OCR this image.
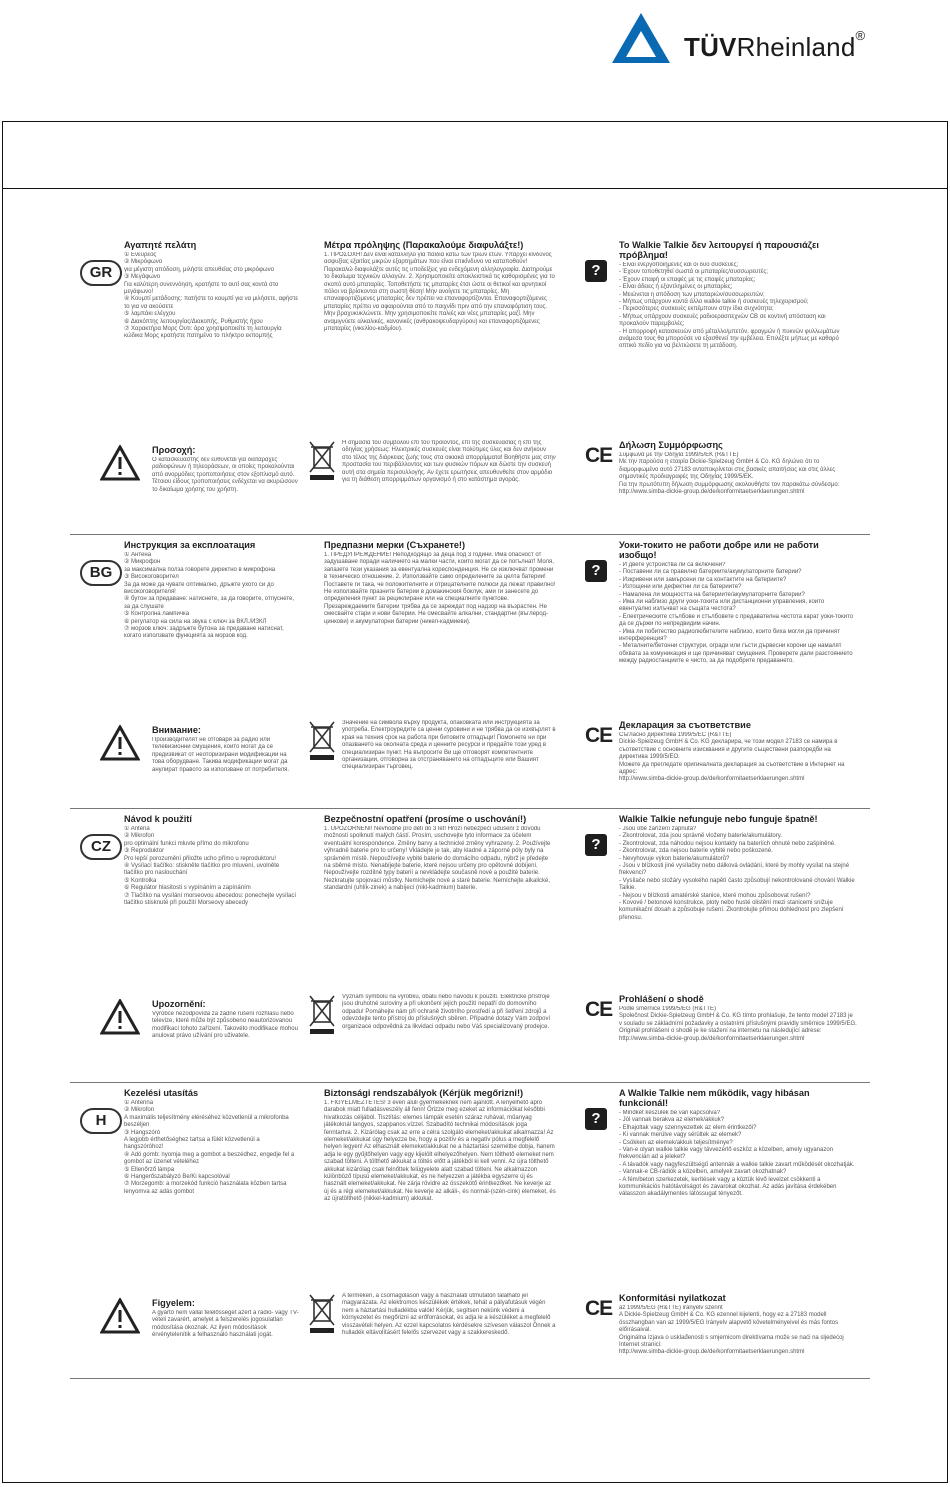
TÜVRheinland®
GR
Αγαπητέ πελάτη
① Ενεύρεος
② Μικρόφωνο
για μέγιστη απόδοση, μιλήστε απευθείας στο μικρόφωνο
③ Μεγάφωνο
Για καλύτερη συνεννόηση, κρατήστε το αυτί σας κοντά στο μεγάφωνο!
④ Κουμπί μετάδοσης: πατήστε το κουμπί για να μιλήσετε, αφήστε το για να ακούσετε
⑤ λαμπάκι ελέγχου
⑥ Διακόπτης λειτουργίας/Διακοπής, Ρυθμιστής ήχου
⑦ Χαρακτήρα Μορς Ουτι: άρα χρησιμοποιείτε τη λειτουργία κώδικα Μορς κρατήστε πατημένο το πλήκτρο εκπομπής
Μέτρα πρόληψης (Παρακαλούμε διαφυλάξτε!)
1. ΠΡΟΣΟΧΗ! Δεν είναι κατάλληλο για παιδιά κάτω των τριών ετών. Υπάρχει κίνδυνος ασφυξίας εξαιτίας μικρών εξαρτημάτων που είναι επικίνδυνο να καταποθούν! Παρακαλώ διαφυλάξτε αυτές τις υποδείξεις για ενδεχόμενη αλληλογραφία. Διατηρούμε το δικαίωμα τεχνικών αλλαγών. 2. Χρησιμοποιείτε αποκλειστικά τις καθορισμένες για το σκοπό αυτό μπαταρίες. Τοποθετήστε τις μπαταρίες έτσι ώστε οι θετικοί και αρνητικοί πόλοι να βρίσκονται στη σωστή θέση! Μην ανοίγετε τις μπαταρίες. Μη επαναφορτιζόμενες μπαταρίες δεν πρέπει να επαναφορτίζονται. Επαναφορτιζόμενες μπαταρίες πρέπει να αφαιρούνται από το παιχνίδι πριν από την επαναφόρτιση τους. Μην βραχυκυκλώνετε. Μην χρησιμοποιείτε παλιές και νέες μπαταρίες μαζί. Μην αναμιγνύετε αλκαλικές, κανονικές (ανθρακοψευδαργύρου) και επαναφορτιζόμενες μπαταρίες (νικελίου-καδμίου).
?
Το Walkie Talkie δεν λειτουργεί ή παρουσιάζει πρόβλημα!
- Είναι ενεργοποιημένες και οι δύο συσκευές;
- Έχουν τοποθετηθεί σωστά οι μπαταρίες/συσσωρευτές;
- Έχουν επαφή οι επαφές με τις επαφές μπαταρίας;
- Είναι άδειες ή εξαντλημένες οι μπαταρίες;
- Μειώνεται η απόδοση των μπαταριών/συσσωρευτών;
- Μήπως υπάρχουν κοντά άλλο walkie talkie ή συσκευές τηλεχειρισμού;
- Περισσότερες συσκευές εκπέμπουν στην ίδια συχνότητα;
- Μήπως υπάρχουν συσκευές ραδιοερασιτεχνών CB σε κοντινή απόσταση και προκαλούν παρεμβολές;
- Η απορροφή κατασκευών από μέταλλο/μπετόν, φραγμών ή πυκνών φυλλωμάτων ανάμεσα τους θα μπορούσε να εξασθενεί την εμβέλεια. Επιλέξτε μήπως με καθαρό οπτικό πεδίο για να βελτιώσετε τη μετάδοση.
Προσοχή:
Ο κατασκευαστής δεν ευθύνεται για διαταραχές ραδιοφώνων ή τηλεοράσεων, οι οποίες προκαλούνται από ανορμόδιες τροποποιήσεις στον εξοπλισμό αυτό. Τέτοιου είδους τροποποιήσεις ενδέχεται να ακυρώσουν το δικαίωμα χρήσης του χρήστη.
Η σημασία του συμβόλου επί του προϊόντος, επί της συσκευασίας ή επί της οδηγίας χρήσεως: Ηλεκτρικές συσκευές είναι πολύτιμες ύλες και δεν ανήκουν στο τέλος της διάρκειας ζωής τους στα οικιακά απορρίμματα! Βοηθήστε μας στην προστασία του περιβάλλοντος και των φυσικών πόρων και δώστε την συσκευή αυτή στα σημεία περισυλλογής. Αν έχετε ερωτήσεις απευθυνθείτε στον αρμόδιο για τη διάθεση απορριμμάτων οργανισμό ή στο κατάστημα αγοράς.
CE Δήλωση Συμμόρφωσης
Σύμφωνα με την Οδηγία 1999/5/ΕΚ (R&TTE)
Με την παρούσα η εταιρία Dickie-Spielzeug GmbH & Co. KG δηλώνει ότι το διαμορφωμένο αυτό 27183 ανταποκρίνεται στις βασικές απαιτήσεις και στις άλλες σημαντικές προδιαγραφές της Οδηγίας 1999/5/ΕΚ.
Για την πρωτότυπη δήλωση συμμόρφωσης ακολουθήστε τον παρακάτω σύνδεσμο:
http://www.simba-dickie-group.de/de/konformitaetserklaerungen.shtml
BG
Инструкция за експлоатация
① Антена
② Микрофон
за максимална полза говорете директно в микрофона
③ Високоговорител
За да може да чувате оптимално, дръжте ухото си до високоговорителя!
④ бутон за предаване: натиснете, за да говорите, отпуснете, за да слушате
⑤ Контролна лампичка
⑥ регулатор на сила на звука с ключ за ВКЛ./ИЗКЛ
⑦ морзов ключ: задръжте бутона за предаване натиснат, когато използвате функцията за морзов код.
Предпазни мерки (Съхранете!)
1. ПРЕДУПРЕЖДЕНИЕ! Неподходящо за деца под 3 години. Има опасност от задушаване поради наличието на малки части, които могат да се погълнат! Моля, запазете тези указания за евентуална кореспонденция. Не се изключват промени в техническо отношение. 2. Използвайте само определените за целта батерии! Поставете ги така, че положителните и отрицателните полюси да лежат правилно! Не използвайте празните батерии в домакинския боклук, ами ги занесете до определения пункт за рециклиране или на специалните пунктове. Презареждаемите батерии трябва да се зареждат под надзор на възрастен. Не смесвайте стари и нови батерии. Не смесвайте алкални, стандартни (въглерод-цинкови) и акумулаторни батерии (никел-кадмиеви).
?
Уоки-токито не работи добре или не работи изобщо!
- И двете устройства ли са включени?
- Поставени ли са правилно батериите/акумулаторните батерии?
- Изкривени или замърсени ли са контактите на батериите?
- Изтощени или дефектни ли са батериите?
- Намалена ли мощността на батериите/акумулаторните батерии?
- Има ли наблизо други уоки-токита или дистанционни управления, които евентуално излъчват на същата честота?
- Електрическите стълбове и стълбовете с предавателна честота карат уоки-токито да се държи по непредвидим начин.
- Има ли побитество радиолюбителите наблизо, които биха могли да причинят интерференция?
- Металните/бетонни структури, огради или гъсти дървесни корони ще намалят обхвата за комуникация и ще причиняват смущения. Проверете дали разстоянието между радиостанциите е чисто, за да подобрите предаването.
Внимание:
Производителят не отговаря за радио или телевизионни смущения, които могат да се предизвикат от неоторизирани модификации на това оборудване. Такива модификации могат да анулират правото за използване от потребителя.
Значение на символа върху продукта, опаковката или инструкцията за употреба. Електроуредите са ценни суровини и не трябва да се изхвърлят в края на техния срок на работа при битовите отпадъци! Помогнете ни при опазването на околната среда и ценните ресурси и предайте този уред в специализиран пункт. На въпросите Ви ще отговорят компетентните организации, отговорна за отстраняването на отпадъците или Вашият специализиран търговец.
CE Декларация за съответствие
Съгласно директива 1999/5/EC (R&TTE)
Dickie-Spielzeug GmbH & Co. KG декларира, че този модел 27183 се намира в съответствие с основните изисквания и другите съществени разпоредби на директива 1999/5/ЕО.
Можете да прегледате оригиналната декларация за съответствие в Интернет на адрес:
http://www.simba-dickie-group.de/de/konformitaetserklaerungen.shtml
CZ
Návod k použití
① Anténa
② Mikrofon
pro optimální funkci mluvte přímo do mikrofonu
③ Reproduktor
Pro lepší porozumění přiložte ucho přímo u reproduktoru!
④ Vysílací tlačítko: stiskněte tlačítko pro mluvení, uvolněte tlačítko pro naslouchání
⑤ Kontrolka
⑥ Regulátor hlasitosti s vypínáním a zapínáním
⑦ Tlačítko na vysílání morseovou abecedou: ponechejte vysílací tlačítko stisknuté při použití Morseovy abecedy
Bezpečnostní opatření (prosíme o uschování!)
1. UPOZORNĚNÍ! Nevhodné pro děti do 3 let! Hrozí nebezpečí udušení z důvodu možnosti spolknutí malých částí. Prosím, uschovejte tyto informace za účelem eventuální korespondence. Změny barvy a technické změny vyhrazeny. 2. Používejte výhradně baterie pro to určeny! Vkládejte je tak, aby kladné a záporné póly byly na správném místě. Nepoužívejte vybité baterie do domácího odpadu, nýbrž je předejte na sběrné místo. Nenabíjejte baterie, které nejsou určeny pro opětovné dobíjení. Nepoužívejte rozdílné typy baterií a nevkládejte současně nové a použité baterie. Nezkratujte spojovací můstky. Nemíchejte nové a staré baterie. Nemíchejte alkalické, standardní (uhlík-zinek) a nabíjecí (nikl-kadmium) baterie.
?
Walkie Talkie nefunguje nebo funguje špatně!
- Jsou obě zařízení zapnutá?
- Zkontrolovat, zda jsou správně vloženy baterie/akumulátory.
- Zkontrolovat, zda náhodou nejsou kontakty na bateriích ohnuté nebo zašpiněné.
- Zkontrolovat, zda nejsou baterie vybité nebo poškozené.
- Nevyhovuje výkon baterie/akumulátorů?
- Jsou v blízkosti jiné vysílačky nebo dálková ovládání, které by mohly vysílat na stejné frekvenci?
- Vysílače nebo stožáry vysokého napětí často způsobují nekontrolované chování Walkie Talkie.
- Nejsou v blízkosti amatérské stanice, které mohou způsobovat rušení?
- Kovové / betonové konstrukce, ploty nebo husté olistění mezi stanicemi snižuje komunikační dosah a způsobuje rušení. Zkontrolujte přímou dohlednost pro zlepšení přenosu.
Upozornění:
Výrobce nezodpovídá za žádné rušení rozhlasu nebo televize, které může být způsobeno neautorizovanou modifikací tohoto zařízení. Takovéto modifikace mohou anulovat právo užívání pro uživatele.
Význam symbolu na výrobku, obalu nebo návodu k použití. Elektrické přístroje jsou druhotné suroviny a při ukončení jejich použití nepatří do domovního odpadu! Pomáhejte nám při ochraně životního prostředí a při šetření zdrojů a odevzdejte tento přístroj do příslušných sběren. Případné dotazy Vám zodpoví organizace odpovědná za likvidaci odpadu nebo Váš specializovaný prodejce.
CE Prohlášení o shodě
Podle směrnice 1999/5/EG (R&TTE)
Společnost Dickie-Spielzeug GmbH & Co. KG tímto prohlašuje, že tento model 27183 je v souladu se základními požadavky a ostatními příslušnými pravidly směrnice 1999/5/EG.
Originál prohlášení o shodě je ke stažení na internetu na následující adrese:
http://www.simba-dickie-group.de/de/konformitaetserklaerungen.shtml
H
Kezelési utasítás
① Antenna
② Mikrofon
A maximális teljesítmény eléréséhez közvetlenül a mikrofonba beszéljen
③ Hangszóró
A legjobb érthetőséghez tartsa a fülét közvetlenül a hangszóróhoz!
④ Adó gomb: nyomja meg a gombot a beszédhez, engedje fel a gombot az üzenet vételéhez
⑤ Ellenőrző lámpa
⑥ Hangerőszabályzó Be/Ki kapcsolóval
⑦ Morzegomb: a morzekód funkció használata közben tartsa lenyomva az adás gombot
Biztonsági rendszabályok (Kérjük megőrizni!)
1. FIGYELMEZTETÉS! 3 éven aluli gyermekeknek nem ajánlott. A lenyelhető apró darabok miatt fulladásveszély áll fenn! Őrizze meg ezeket az információkat későbbi hivatkozás céljából. Tisztítás: elemes lámpák esetén száraz ruhával, műanyag játékoknál langyos, szappanos vízzel. Szabadító technikai módosítások joga fenntartva. 2. Kizárólag csak az erre a célra szolgáló elemeket/akkukat alkalmazza! Az elemeket/akkukat úgy helyezze be, hogy a pozitív és a negatív pólus a megfelelő helyen legyen! Az elhasznált elemeket/akkukat ne a háztartási szemétbe dobja, hanem adja le egy gyűjtőhelyen vagy egy kijelölt elhelyezőhelyen. Nem tölthető elemeket nem szabad tölteni. A tölthető akkukat a töltés előtt a játékból ki kell venni. Az újra tölthető akkukat kizárólag csak felnőttek felügyelete alatt szabad tölteni. Ne alkalmazzon különböző típusú elemeket/akkukat, és ne helyezzen a játékba egyszerre új és használt elemeket/akkukat. Ne zárja rövidre az összekötő érintkezőket. Ne keverje az új és a régi elemeket/akkukat. Ne keverje az alkáli-, és normál-(szén-cink) elemeket, és az újratölthető (nikkel-kadmium) akkukat.
?
A Walkie Talkie nem működik, vagy hibásan funkcionál!
- Mindkét készülék be van kapcsolva?
- Jól vannak berakva az elemek/akkuk?
- Elhajoltak vagy szennyezettek az elem érintkezői?
- Ki vannak merülve vagy sérültek az elemek?
- Csökken az elemek/akkuk teljesítménye?
- Van-e olyan walkie talkie vagy távvezérlő eszköz a közelben, amely ugyanazon frekvencián ad a jeleket?
- A távadók vagy nagyfeszültségű antennák a walkie talkie zavart működését okozhatják.
- Vannak-e CB-rádiók a közelben, amelyek zavart okozhatnak?
- A fém/beton szerkezetek, kerítések vagy a köztük lévő levelzet csökkenti a kommunikációs hatótávolságot és zavarokat okozhat. Az adás javítása érdekében válasszon akadálymentes látóssugat tényezőt.
Figyelem:
A gyártó nem vállal felelősséget azért a rádió- vagy TV-vételi zavarért, amelyet a felszerelés jogosulatlan módosítása okoznak. Az ilyen módosítások érvénytelenítik a felhasználó használati jogát.
A terméken, a csomagoláson vagy a használati útmutatón található jel magyarázata. Az elektromos készülékek értékek, tehát a pályafutásuk végén nem a háztartási hulladékba valók! Kérjük, segítsen nekünk védeni a környezetet és megőrizni az erőforrásokat, és adja le a készüléket a megfelelő visszavételi helyen. Az ezzel kapcsolatos kérdésekre szívesen válaszol Önnek a hulladék eltávolításért felelős szervezet vagy a szakkereskedő.
CE Konformitási nyilatkozat
az 1999/5/EG (R&TTE) irányelv szerint
A Dickie-Spielzeug GmbH & Co. KG ezennel kijelenti, hogy ez a 27183 modell összhangban van az 1999/5/EG Irányelv alapvető követelményeivel és más fontos előírásaival.
Originálna Izjava o usklađenosti s smjernicom direktívama može se naći na sljedećoj Internet stranici:
http://www.simba-dickie-group.de/de/konformitaetserklaerungen.shtml
